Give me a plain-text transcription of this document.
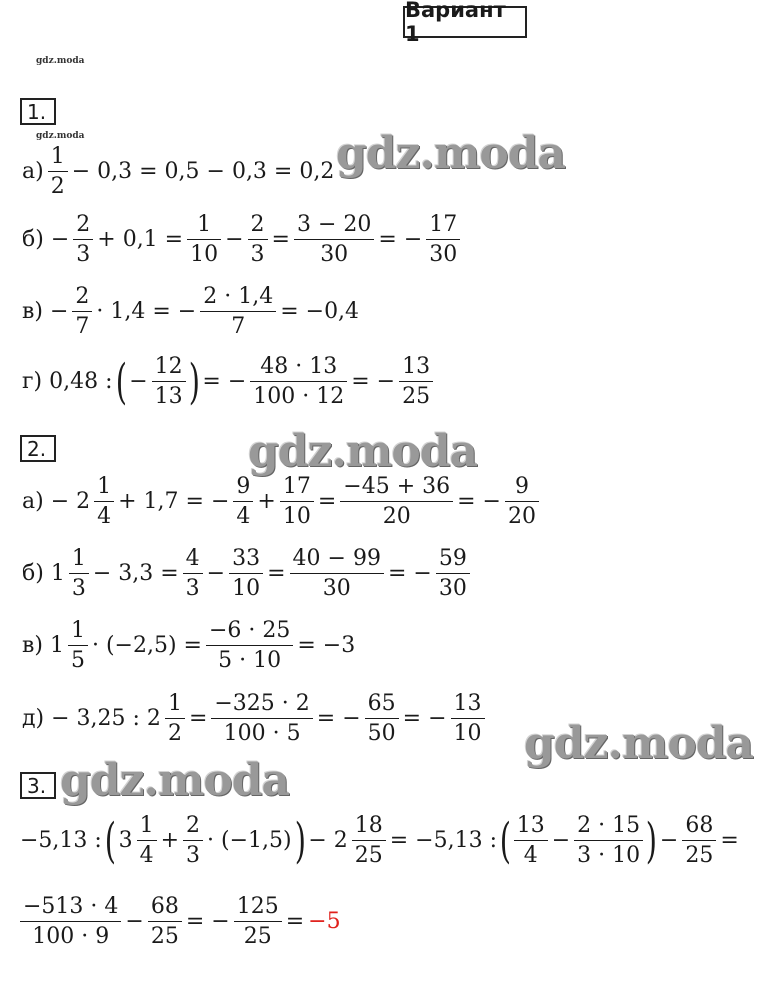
Вариант 1
gdz.moda
1.
gdz.moda	gdz.moda
$а) \frac{1}{2} - 0,3 = 0,5 - 0,3 = 0,2$
$б) - \frac{2}{3} + 0,1 = \frac{1}{10} - \frac{2}{3} = \frac{3 - 20}{30}$ = − $\frac{17}{30}$
$в) - \frac{2}{7} \cdot 1,4$ = − $\frac{2 \cdot 1,4}{7} = -0,4$
г) 0,48 : ( − $\frac{12}{13}$ ) = − $\frac{48 \cdot 13}{100 \cdot 12}$ = − $\frac{13}{25}$
2.	gdz.moda
$а) - 2 \frac{1}{4} + 1,7$ = − $\frac{9}{4} + \frac{17}{10} = \frac{-45 + 36}{20}$ = − $\frac{9}{20}$
б) $1 \frac{1}{3} - 3,3 = \frac{4}{3} - \frac{33}{10} = \frac{40 - 99}{30}$ = − $\frac{59}{30}$
в) $1 \frac{1}{5} \cdot (-2,5) = \frac{-6 \cdot 25}{5 \cdot 10} = -3$
д) − 3,25 : $2 \frac{1}{2} = \frac{-325 \cdot 2}{100 \cdot 5}$ = − $\frac{65}{50}$ = − $\frac{13}{10}$ gdz.moda
3. gdz.moda
−5,13 : ( $3 \frac{1}{4} + \frac{2}{3} \cdot (-1,5)$ ) − $2 \frac{18}{25} = -5,13$ : ( $\frac{13}{4} - \frac{2 \cdot 15}{3 \cdot 10}$ ) − $\frac{68}{25}$ =
$\frac{-513 \cdot 4}{100 \cdot 9} - \frac{68}{25}$ = − $\frac{125}{25} = -5$
